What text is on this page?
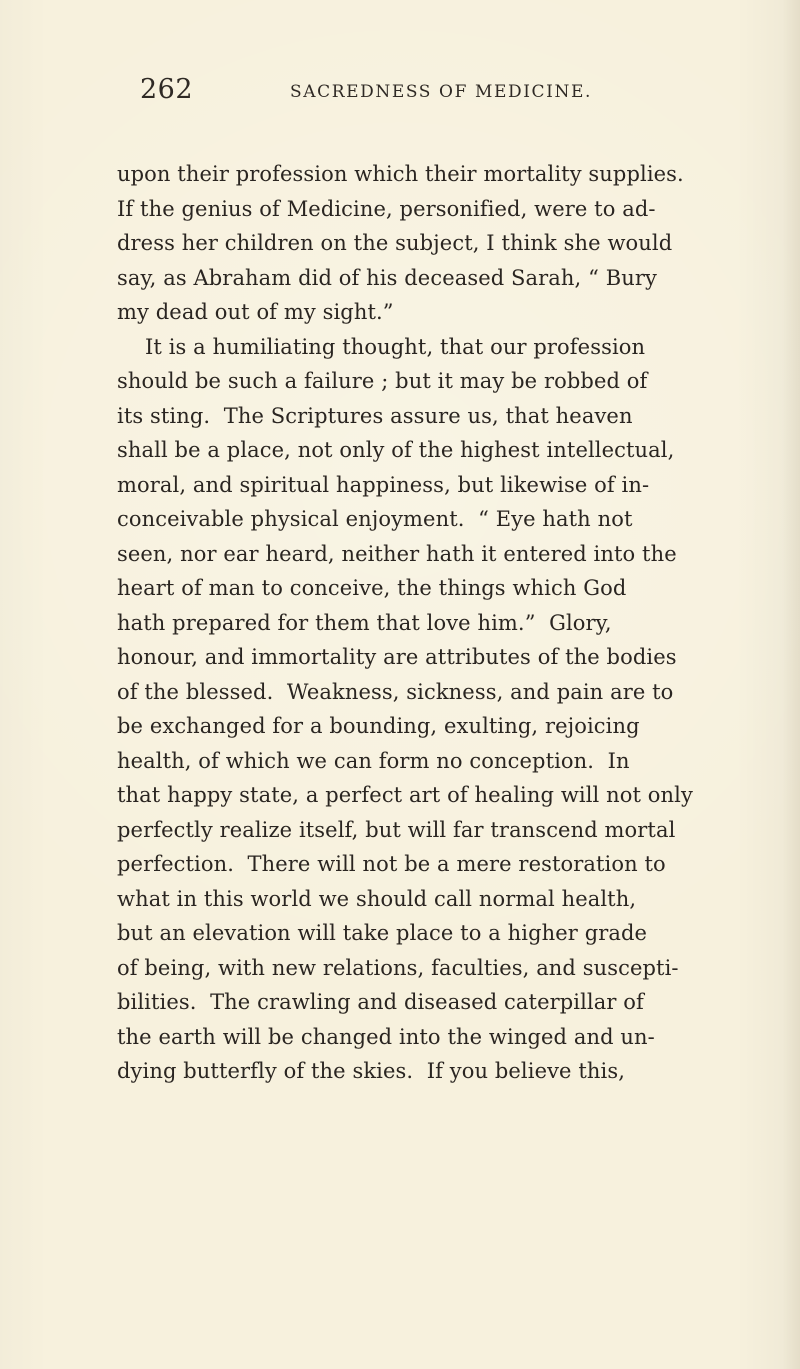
262	SACREDNESS OF MEDICINE.
upon their profession which their mortality supplies.
If the genius of Medicine, personified, were to ad-
dress her children on the subject, I think she would
say, as Abraham did of his deceased Sarah, “ Bury
my dead out of my sight.”
It is a humiliating thought, that our profession
should be such a failure ; but it may be robbed of
its sting.  The Scriptures assure us, that heaven
shall be a place, not only of the highest intellectual,
moral, and spiritual happiness, but likewise of in-
conceivable physical enjoyment.  “ Eye hath not
seen, nor ear heard, neither hath it entered into the
heart of man to conceive, the things which God
hath prepared for them that love him.”  Glory,
honour, and immortality are attributes of the bodies
of the blessed.  Weakness, sickness, and pain are to
be exchanged for a bounding, exulting, rejoicing
health, of which we can form no conception.  In
that happy state, a perfect art of healing will not only
perfectly realize itself, but will far transcend mortal
perfection.  There will not be a mere restoration to
what in this world we should call normal health,
but an elevation will take place to a higher grade
of being, with new relations, faculties, and suscepti-
bilities.  The crawling and diseased caterpillar of
the earth will be changed into the winged and un-
dying butterfly of the skies.  If you believe this,
